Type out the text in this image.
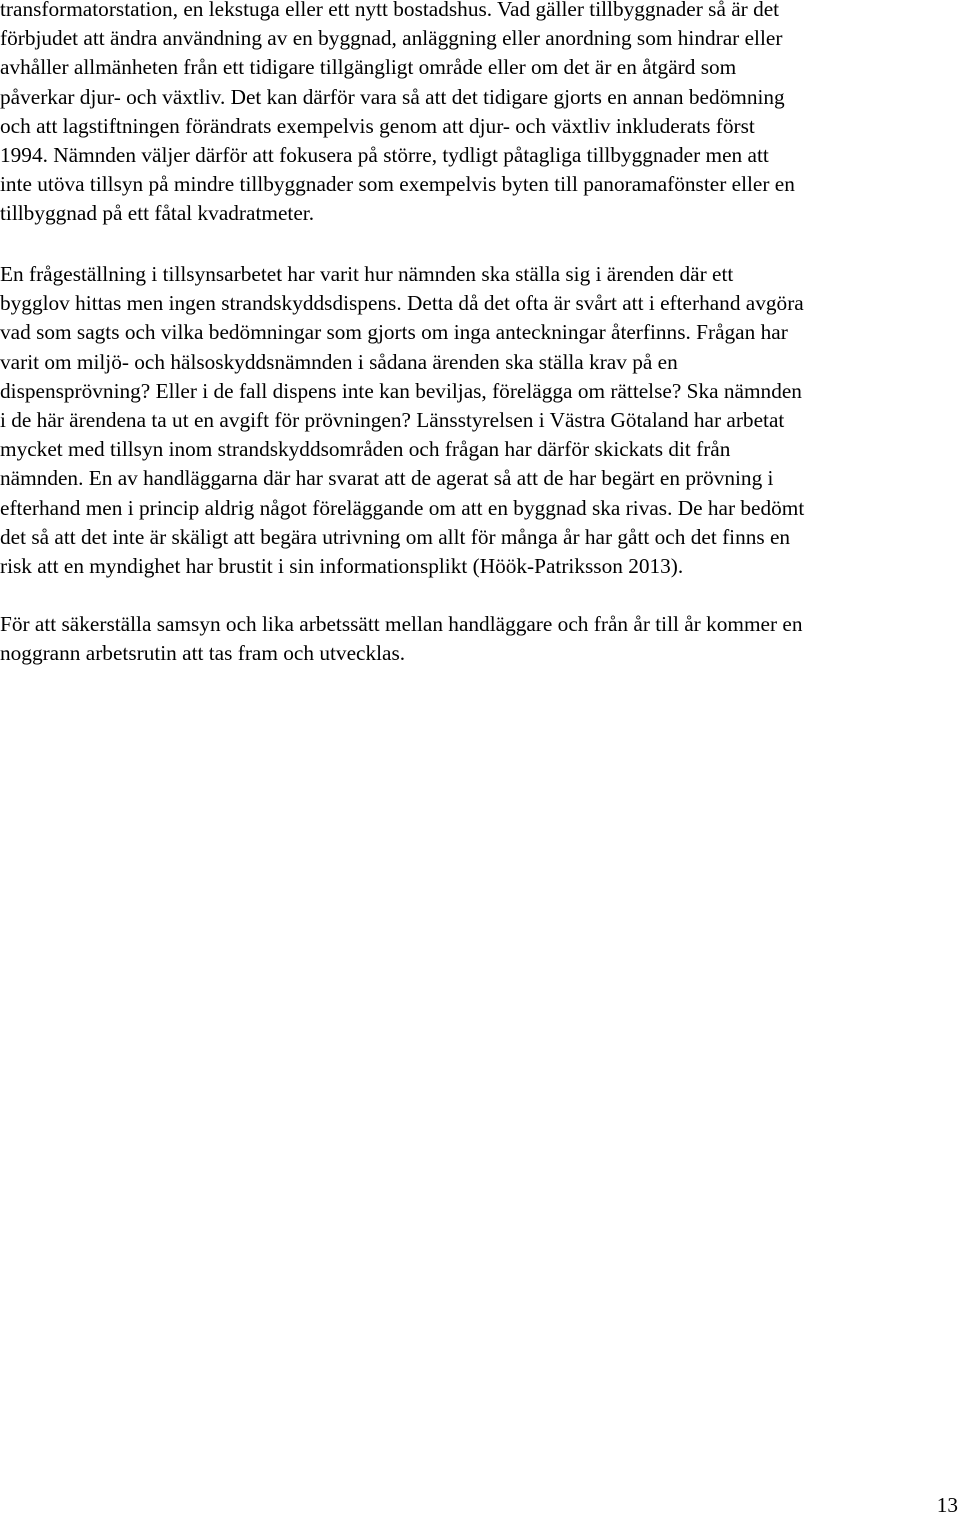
transformatorstation, en lekstuga eller ett nytt bostadshus. Vad gäller tillbyggnader så är det
förbjudet att ändra användning av en byggnad, anläggning eller anordning som hindrar eller
avhåller allmänheten från ett tidigare tillgängligt område eller om det är en åtgärd som
påverkar djur- och växtliv. Det kan därför vara så att det tidigare gjorts en annan bedömning
och att lagstiftningen förändrats exempelvis genom att djur- och växtliv inkluderats först
1994. Nämnden väljer därför att fokusera på större, tydligt påtagliga tillbyggnader men att
inte utöva tillsyn på mindre tillbyggnader som exempelvis byten till panoramafönster eller en
tillbyggnad på ett fåtal kvadratmeter.
En frågeställning i tillsynsarbetet har varit hur nämnden ska ställa sig i ärenden där ett
bygglov hittas men ingen strandskyddsdispens. Detta då det ofta är svårt att i efterhand avgöra
vad som sagts och vilka bedömningar som gjorts om inga anteckningar återfinns. Frågan har
varit om miljö- och hälsoskyddsnämnden i sådana ärenden ska ställa krav på en
dispensprövning? Eller i de fall dispens inte kan beviljas, förelägga om rättelse? Ska nämnden
i de här ärendena ta ut en avgift för prövningen? Länsstyrelsen i Västra Götaland har arbetat
mycket med tillsyn inom strandskyddsområden och frågan har därför skickats dit från
nämnden. En av handläggarna där har svarat att de agerat så att de har begärt en prövning i
efterhand men i princip aldrig något föreläggande om att en byggnad ska rivas. De har bedömt
det så att det inte är skäligt att begära utrivning om allt för många år har gått och det finns en
risk att en myndighet har brustit i sin informationsplikt (Höök-Patriksson 2013).
För att säkerställa samsyn och lika arbetssätt mellan handläggare och från år till år kommer en
noggrann arbetsrutin att tas fram och utvecklas.
13
